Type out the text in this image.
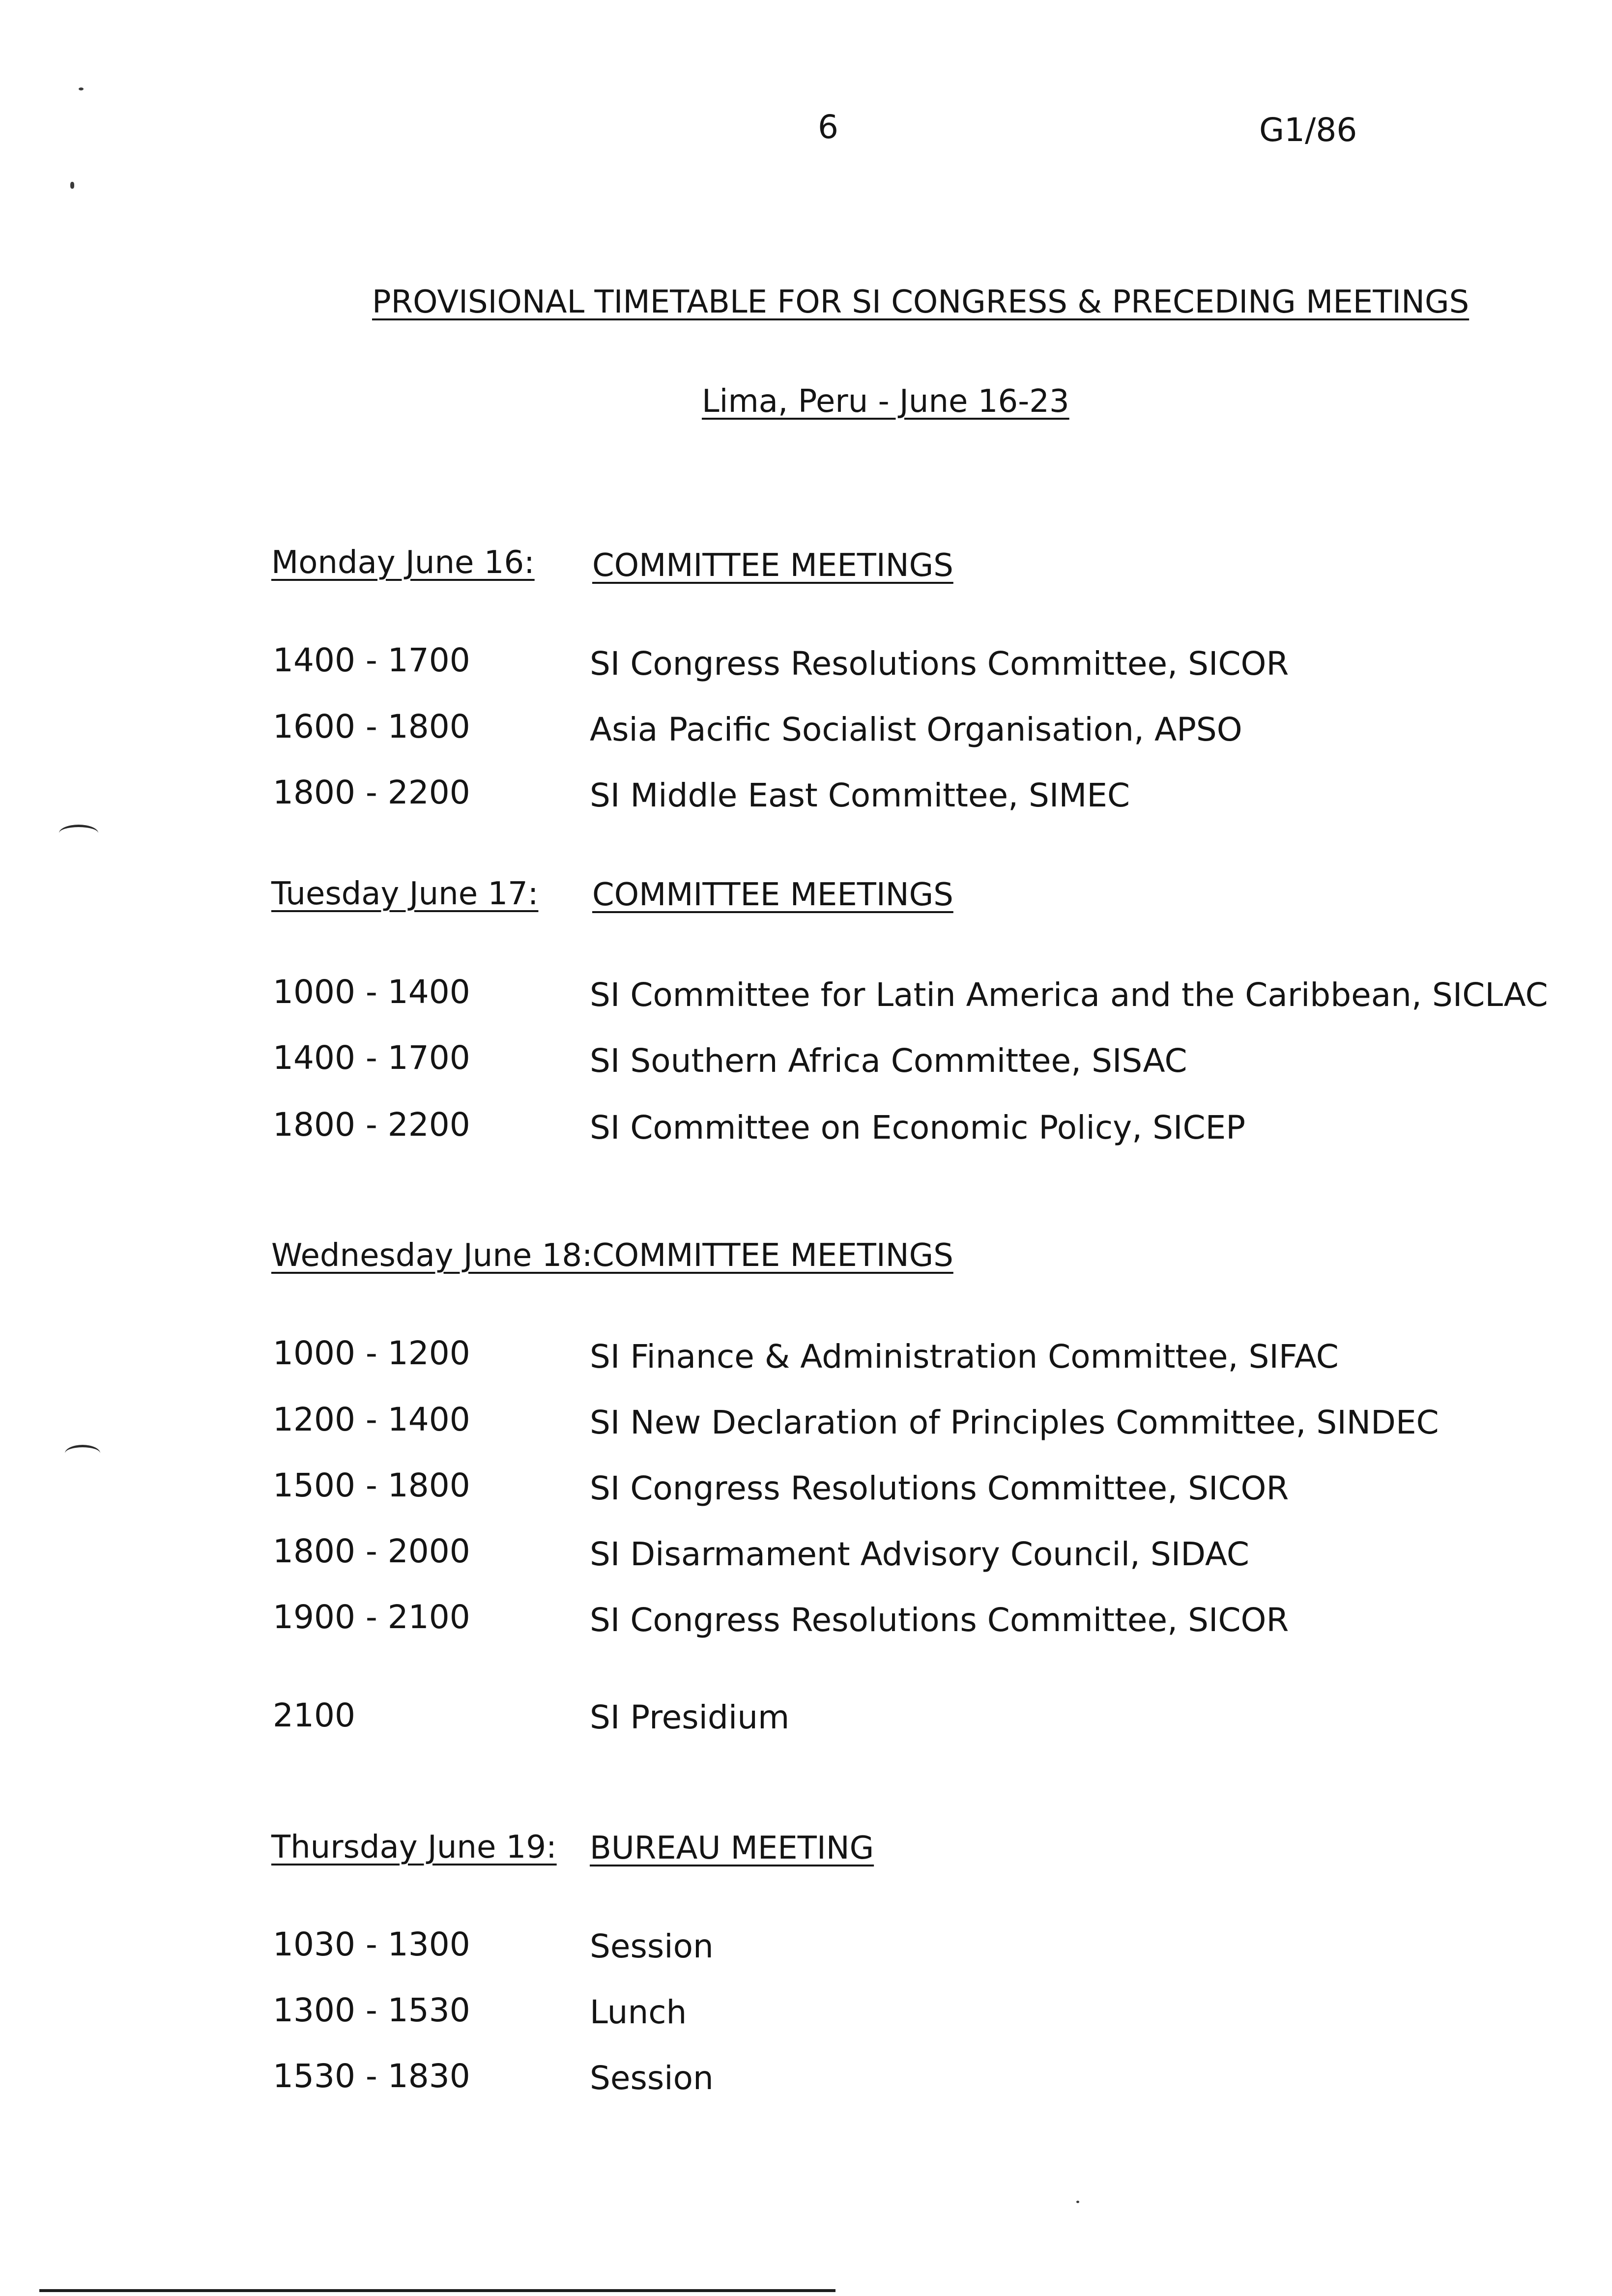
6	G1/86
PROVISIONAL TIMETABLE FOR SI CONGRESS & PRECEDING MEETINGS
Lima, Peru - June 16-23
Monday June 16: COMMITTEE MEETINGS
1400 - 1700	SI Congress Resolutions Committee, SICOR
1600 - 1800	Asia Pacific Socialist Organisation, APSO
1800 - 2200	SI Middle East Committee, SIMEC
Tuesday June 17: COMMITTEE MEETINGS
1000 - 1400	SI Committee for Latin America and the Caribbean, SICLAC
1400 - 1700	SI Southern Africa Committee, SISAC
1800 - 2200	SI Committee on Economic Policy, SICEP
Wednesday June 18: COMMITTEE MEETINGS
1000 - 1200	SI Finance & Administration Committee, SIFAC
1200 - 1400	SI New Declaration of Principles Committee, SINDEC
1500 - 1800	SI Congress Resolutions Committee, SICOR
1800 - 2000	SI Disarmament Advisory Council, SIDAC
1900 - 2100	SI Congress Resolutions Committee, SICOR
2100	SI Presidium
Thursday June 19: BUREAU MEETING
1030 - 1300	Session
1300 - 1530	Lunch
1530 - 1830	Session
